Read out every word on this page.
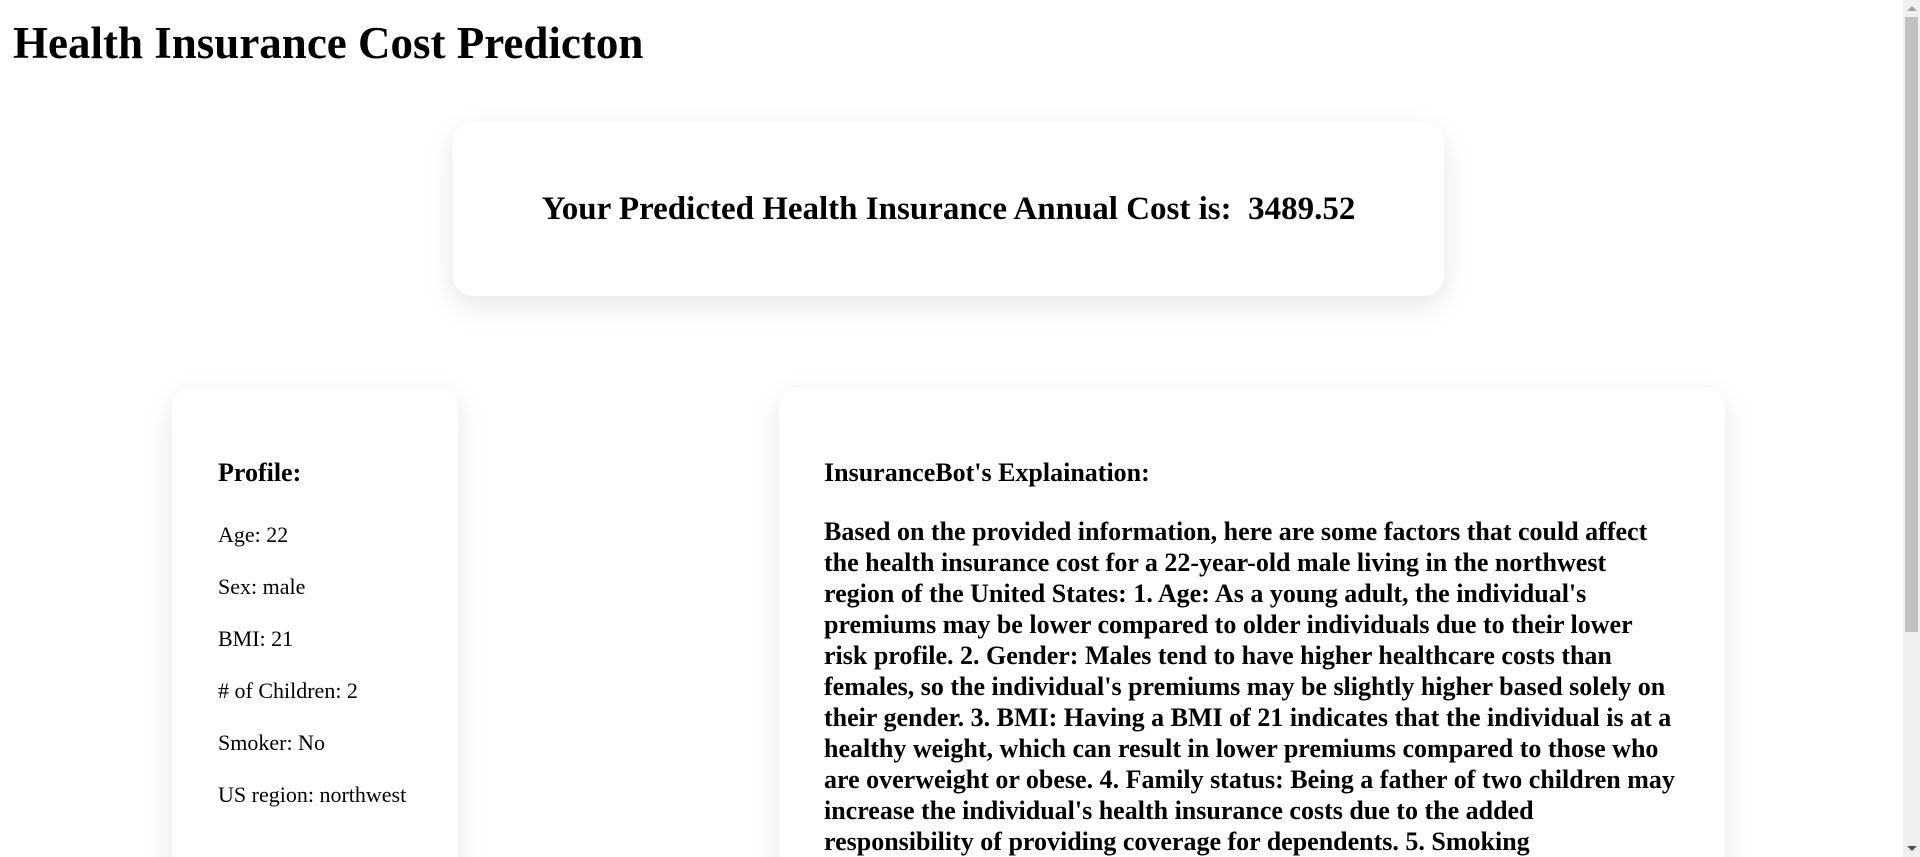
Health Insurance Cost Predicton
Your Predicted Health Insurance Annual Cost is:  3489.52
Profile:
Age: 22
Sex: male
BMI: 21
# of Children: 2
Smoker: No
US region: northwest
InsuranceBot's Explaination:

Based on the provided information, here are some factors that could affect the health insurance cost for a 22-year-old male living in the northwest region of the United States: 1. Age: As a young adult, the individual's premiums may be lower compared to older individuals due to their lower risk profile. 2. Gender: Males tend to have higher healthcare costs than females, so the individual's premiums may be slightly higher based solely on their gender. 3. BMI: Having a BMI of 21 indicates that the individual is at a healthy weight, which can result in lower premiums compared to those who are overweight or obese. 4. Family status: Being a father of two children may increase the individual's health insurance costs due to the added responsibility of providing coverage for dependents. 5. Smoking
